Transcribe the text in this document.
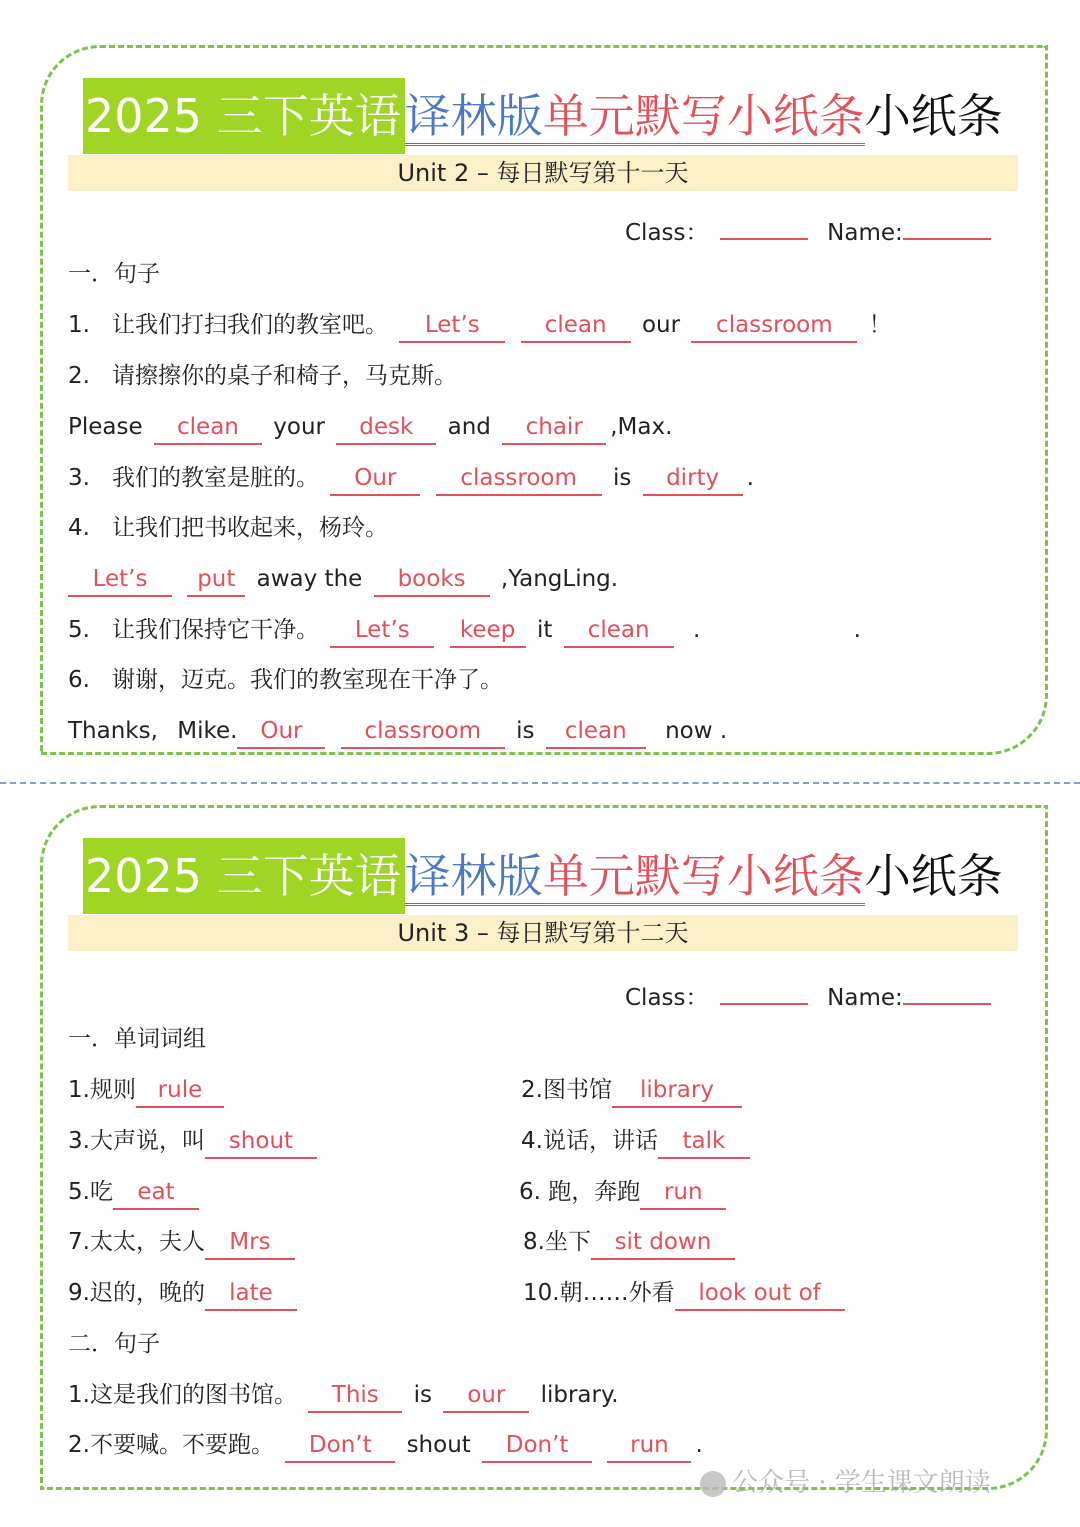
2025 三下英语译林版单元默写小纸条小纸条
Unit 2 – 每日默写第十一天
Class：	Name:
一．句子
1. 让我们打扫我们的教室吧。 Let’s	clean our classroom ！
2. 请擦擦你的桌子和椅子，马克斯。
Please clean your desk and chair ,Max.
3. 我们的教室是脏的。 Our	classroom is dirty .
4. 让我们把书收起来，杨玲。
Let’s put away the books ,YangLing.
5. 让我们保持它干净。 Let’s keep it clean .	.
6. 谢谢，迈克。我们的教室现在干净了。
Thanks, Mike. Our	classroom is clean now .
2025 三下英语译林版单元默写小纸条小纸条
Unit 3 – 每日默写第十二天
Class：	Name:
一．单词词组
1.规则 rule	2.图书馆 library
3.大声说，叫 shout	4.说话，讲话 talk
5.吃 eat	6. 跑，奔跑 run
7.太太，夫人 Mrs	8.坐下 sit down
9.迟的，晚的 late	10.朝……外看 look out of
二．句子
1.这是我们的图书馆。 This is our library.
2.不要喊。不要跑。 Don’t shout Don’t	run .
公众号 · 学生课文朗读
